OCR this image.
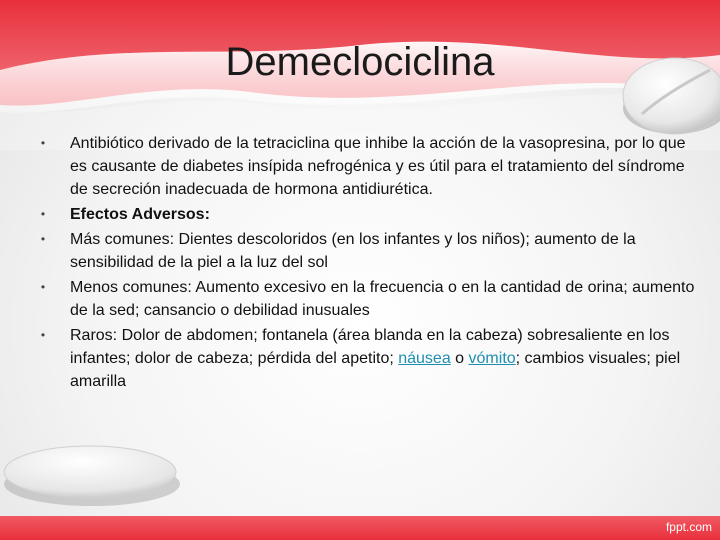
Demeclociclina
• Antibiótico derivado de la tetraciclina que inhibe la acción de la vasopresina, por lo que es causante de diabetes insípida nefrogénica y es útil para el tratamiento del síndrome de secreción inadecuada de hormona antidiurética.
• Efectos Adversos:
• Más comunes: Dientes descoloridos (en los infantes y los niños); aumento de la sensibilidad de la piel a la luz del sol
• Menos comunes: Aumento excesivo en la frecuencia o en la cantidad de orina; aumento de la sed; cansancio o debilidad inusuales
• Raros: Dolor de abdomen; fontanela (área blanda en la cabeza) sobresaliente en los infantes; dolor de cabeza; pérdida del apetito; náusea o vómito; cambios visuales; piel amarilla
fppt.com
